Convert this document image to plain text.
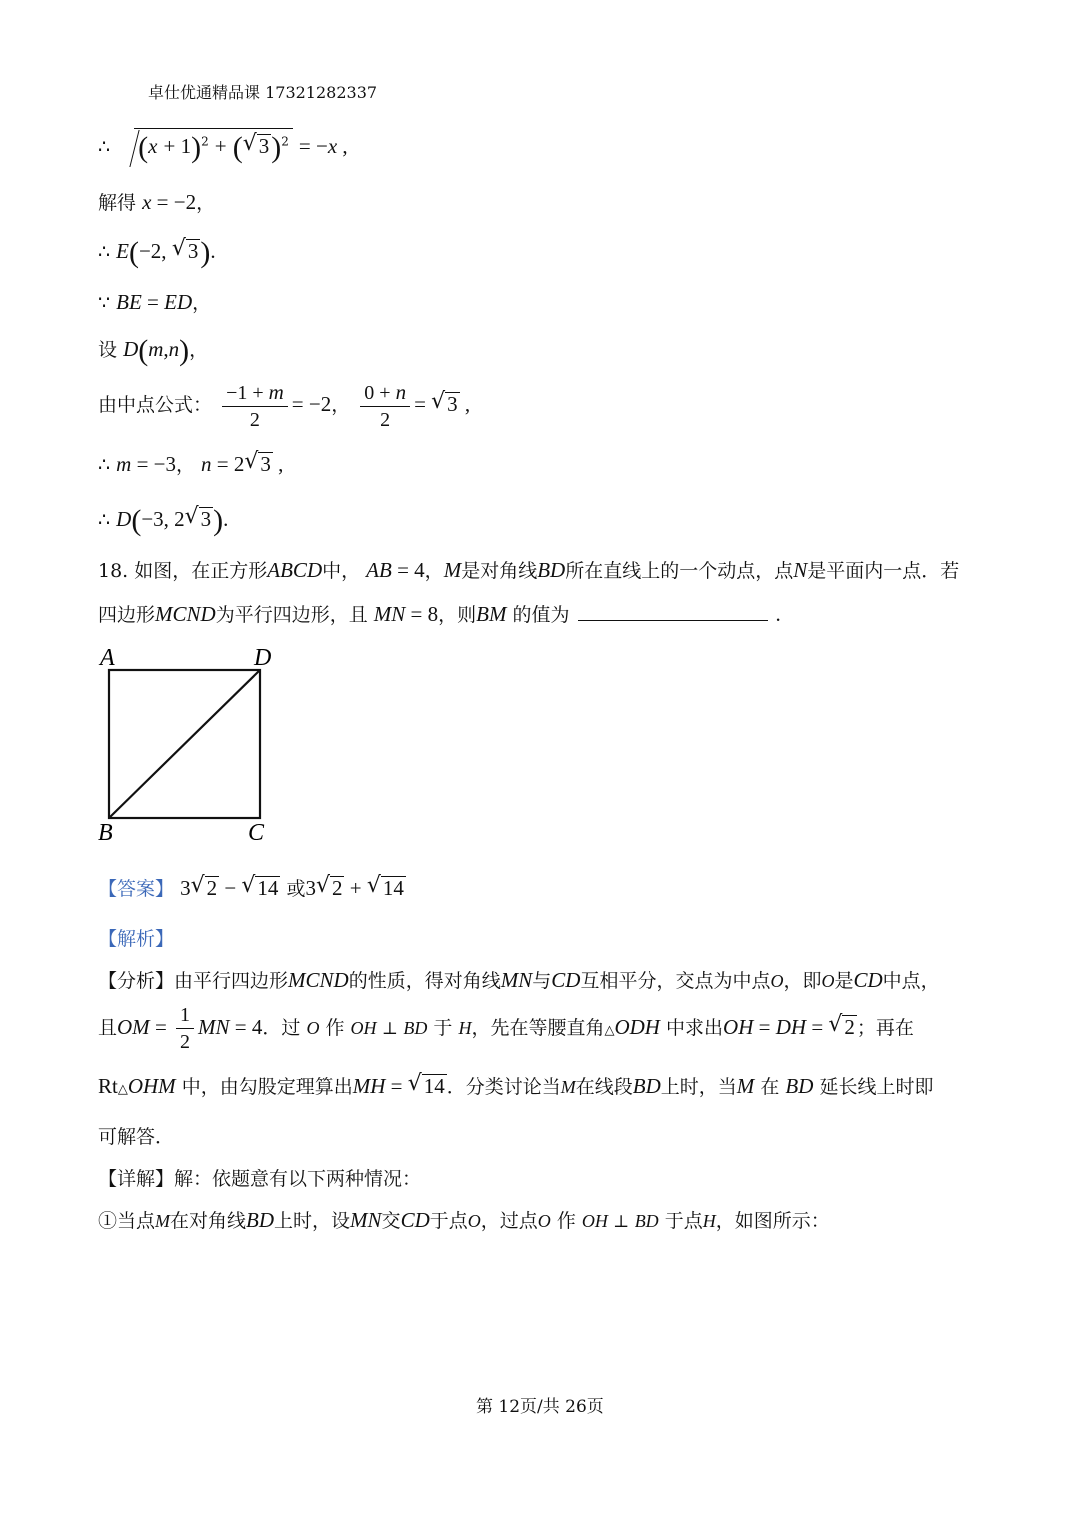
卓仕优通精品课 17321282337
∴ $(x + 1)^2$ + ( √ 3)$^2$ = −x ,
解得 x = −2，
∴ E(−2, √ 3).
∵ BE = ED，
设 D(m,n)，
由中点公式： $\frac{-1 + m}{2} = -2$， $\frac{0 + n}{2}$ = √ 3 ,
∴ m = −3， n = 2 √ 3 ,
∴ D(−3, 2 √ 3).
18. 如图，在正方形ABCD中， AB = 4，M是对角线BD所在直线上的一个动点，点N是平面内一点．若
四边形MCND为平行四边形，且 MN = 8，则BM 的值为	.
A	D
B	C
【答案】 3 √ 2 − √ 14 或3 √ 2 + √ 14
【解析】
【分析】由平行四边形MCND的性质，得对角线MN与CD互相平分，交点为中点O，即O是CD中点，
且OM = $\frac{1}{2}$ MN = 4．过 O 作 OH ⊥ BD 于 H，先在等腰直角△ODH 中求出OH = DH = √ 2 ；再在
Rt△OHM 中，由勾股定理算出MH = √ 14 ．分类讨论当M在线段BD上时，当M 在 BD 延长线上时即
可解答．
【详解】解：依题意有以下两种情况：
①当点M在对角线BD上时，设MN交CD于点O，过点O 作 OH ⊥ BD 于点H，如图所示：
第 12页/共 26页
